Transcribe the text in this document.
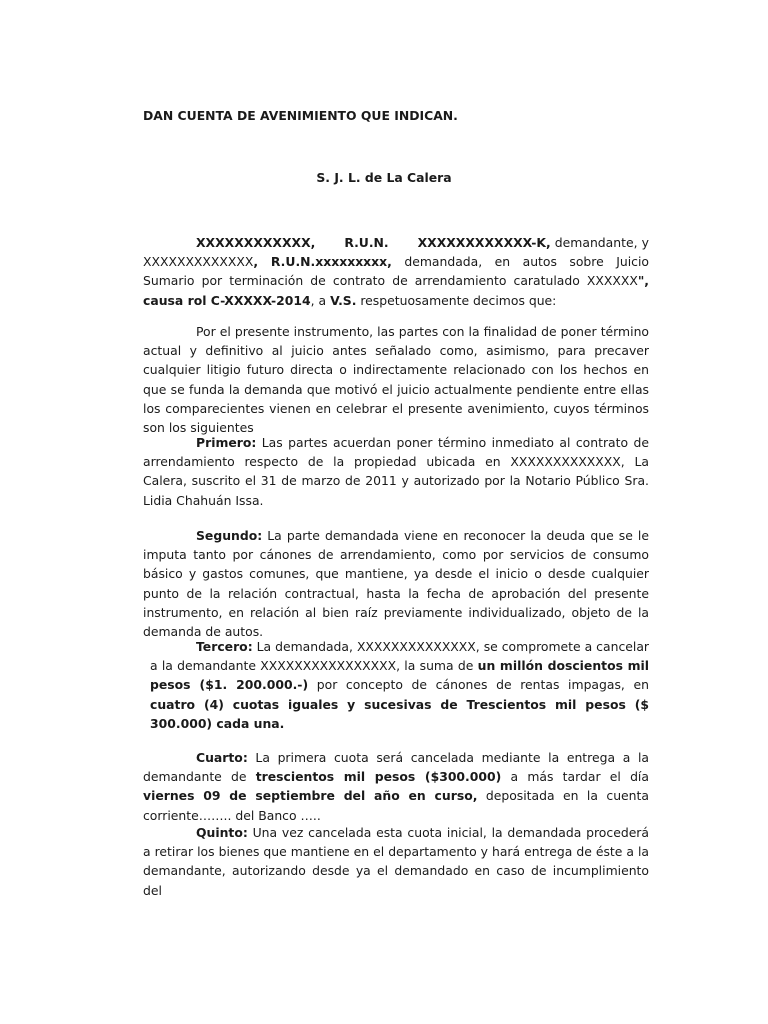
DAN CUENTA DE AVENIMIENTO QUE INDICAN.

S. J. L. de La Calera

XXXXXXXXXXXX, R.U.N. XXXXXXXXXXXX-K, demandante, y XXXXXXXXXXXXX, R.U.N.xxxxxxxxx, demandada, en autos sobre Juicio Sumario por terminación de contrato de arrendamiento caratulado XXXXXX", causa rol C-XXXXX-2014, a V.S. respetuosamente decimos que:

Por el presente instrumento, las partes con la finalidad de poner término actual y definitivo al juicio antes señalado como, asimismo, para precaver cualquier litigio futuro directa o indirectamente relacionado con los hechos en que se funda la demanda que motivó el juicio actualmente pendiente entre ellas los comparecientes vienen en celebrar el presente avenimiento, cuyos términos son los siguientes

Primero: Las partes acuerdan poner término inmediato al contrato de arrendamiento respecto de la propiedad ubicada en XXXXXXXXXXXXX, La Calera, suscrito el 31 de marzo de 2011 y autorizado por la Notario Público Sra. Lidia Chahuán Issa.

Segundo: La parte demandada viene en reconocer la deuda que se le imputa tanto por cánones de arrendamiento, como por servicios de consumo básico y gastos comunes, que mantiene, ya desde el inicio o desde cualquier punto de la relación contractual, hasta la fecha de aprobación del presente instrumento, en relación al bien raíz previamente individualizado, objeto de la demanda de autos.

Tercero: La demandada, XXXXXXXXXXXXXX, se compromete a cancelar a la demandante XXXXXXXXXXXXXXXX, la suma de un millón doscientos mil pesos ($1. 200.000.-) por concepto de cánones de rentas impagas, en cuatro (4) cuotas iguales y sucesivas de Trescientos mil pesos ($ 300.000) cada una.

Cuarto: La primera cuota será cancelada mediante la entrega a la demandante de trescientos mil pesos ($300.000) a más tardar el día viernes 09 de septiembre del año en curso, depositada en la cuenta corriente…….. del Banco …..

Quinto: Una vez cancelada esta cuota inicial, la demandada procederá a retirar los bienes que mantiene en el departamento y hará entrega de éste a la demandante, autorizando desde ya el demandado en caso de incumplimiento del
